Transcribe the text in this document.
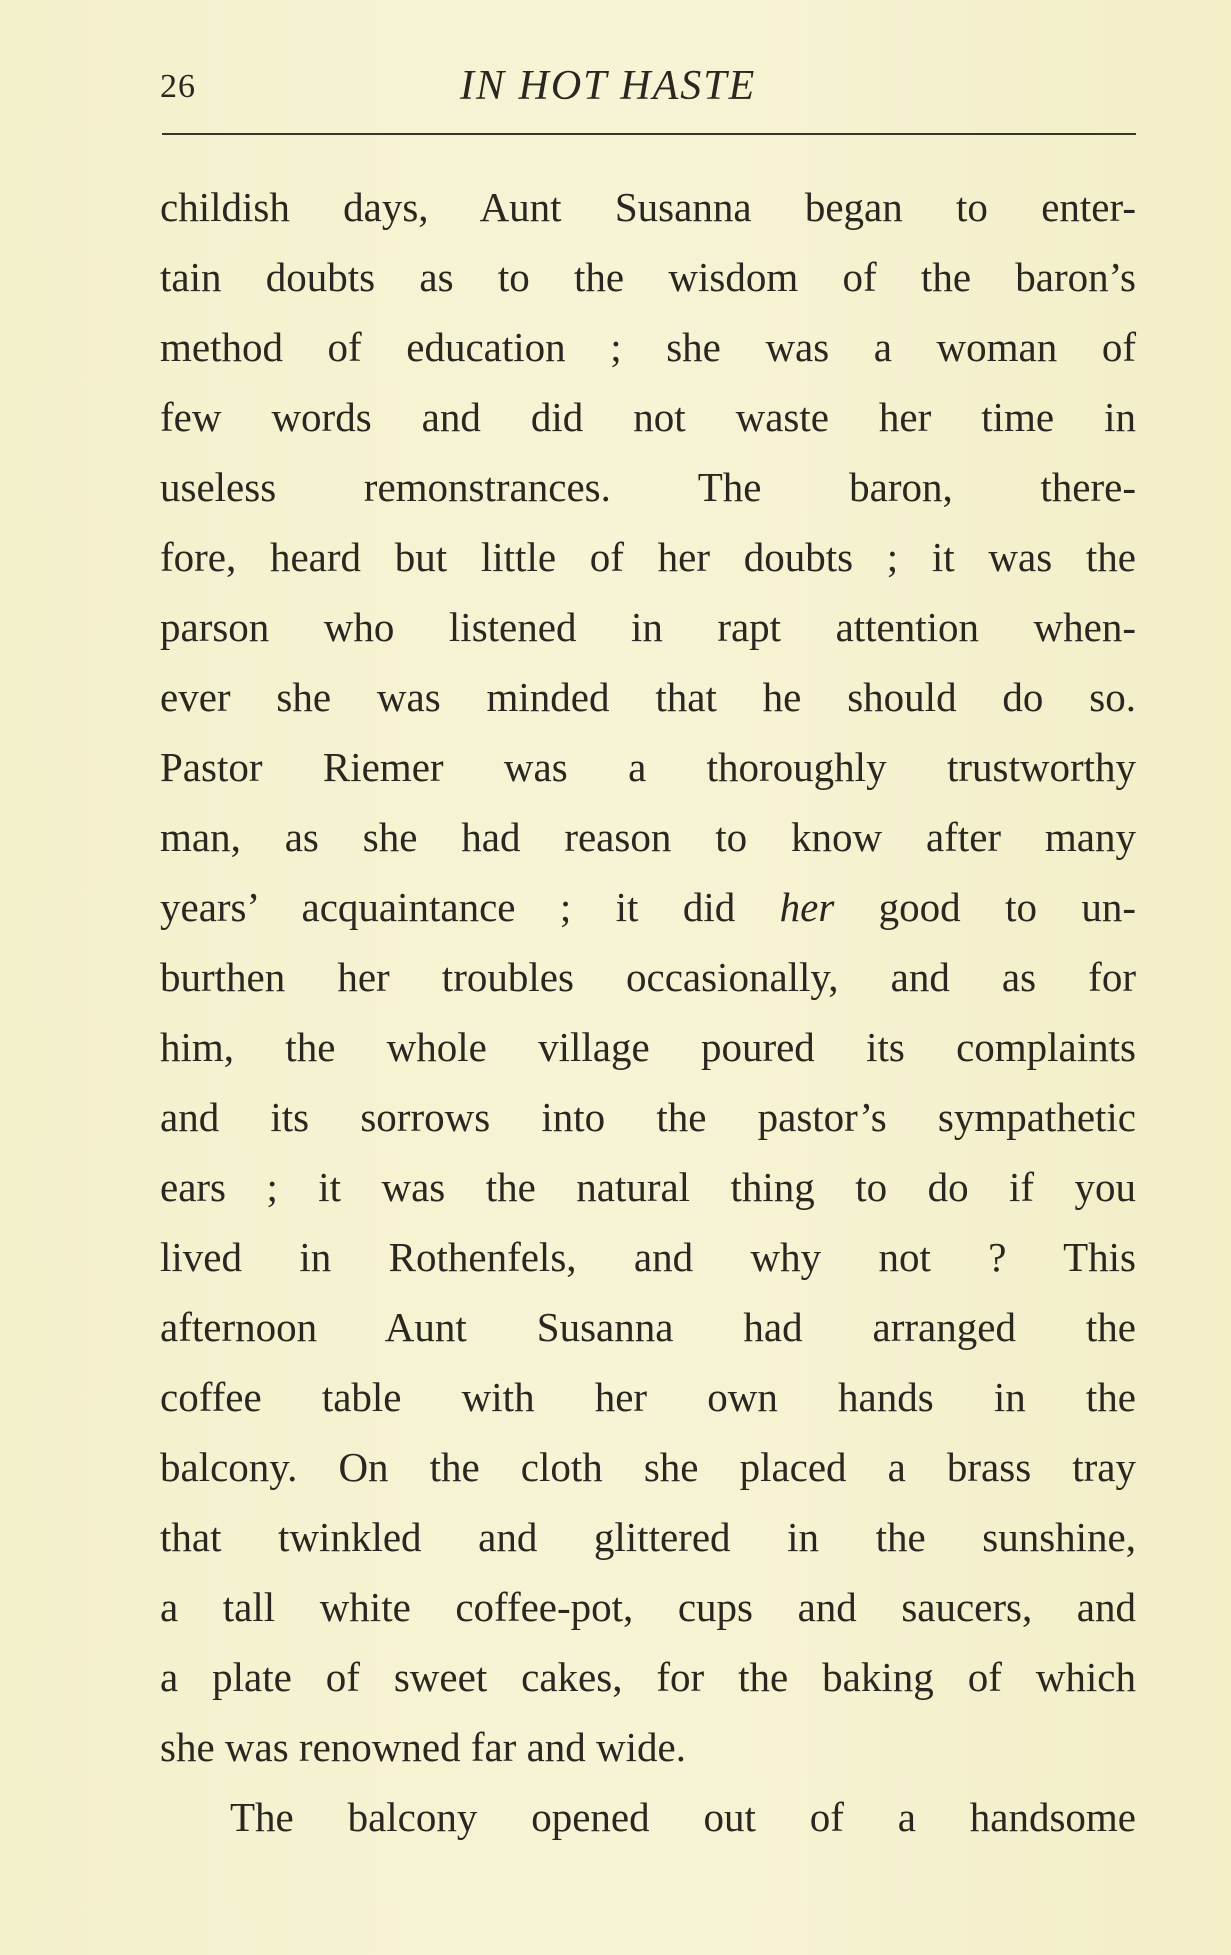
26	IN HOT HASTE
childish days, Aunt Susanna began to enter-
tain doubts as to the wisdom of the baron’s
method of education ; she was a woman of
few words and did not waste her time in
useless remonstrances. The baron, there-
fore, heard but little of her doubts ; it was the
parson who listened in rapt attention when-
ever she was minded that he should do so.
Pastor Riemer was a thoroughly trustworthy
man, as she had reason to know after many
years’ acquaintance ; it did her good to un-
burthen her troubles occasionally, and as for
him, the whole village poured its complaints
and its sorrows into the pastor’s sympathetic
ears ; it was the natural thing to do if you
lived in Rothenfels, and why not ? This
afternoon Aunt Susanna had arranged the
coffee table with her own hands in the
balcony. On the cloth she placed a brass tray
that twinkled and glittered in the sunshine,
a tall white coffee-pot, cups and saucers, and
a plate of sweet cakes, for the baking of which
she was renowned far and wide.
The balcony opened out of a handsome
